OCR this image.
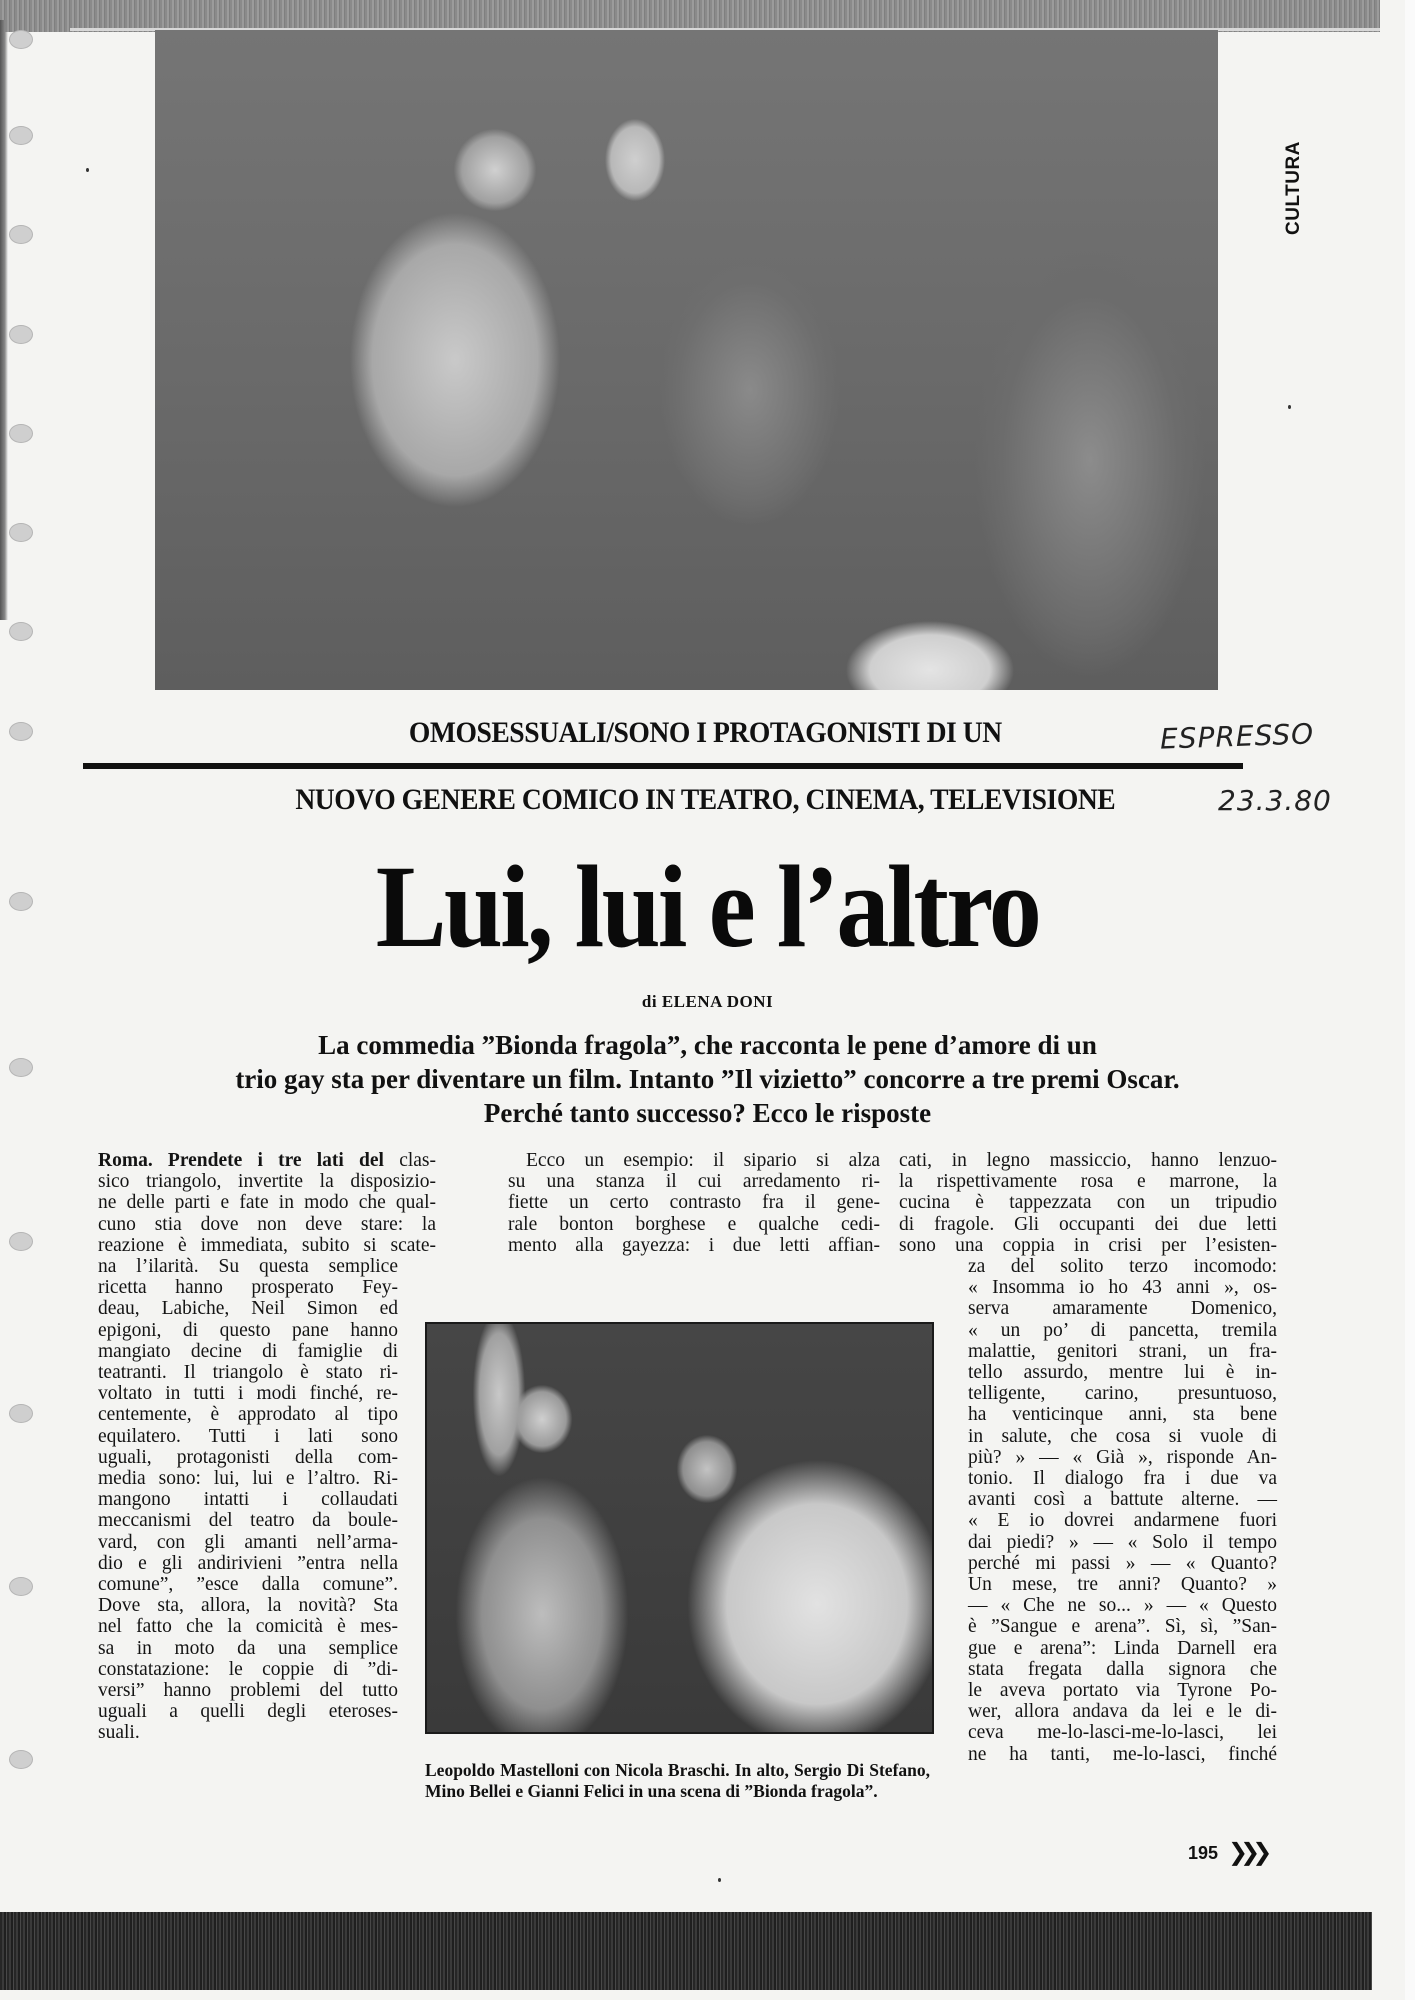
CULTURA
OMOSESSUALI/SONO I PROTAGONISTI DI UN	ESPRESSO
NUOVO GENERE COMICO IN TEATRO, CINEMA, TELEVISIONE	23.3.80
Lui, lui e l’altro
di ELENA DONI
La commedia ”Bionda fragola”, che racconta le pene d’amore di un
trio gay sta per diventare un film. Intanto ”Il vizietto” concorre a tre premi Oscar.
Perché tanto successo? Ecco le risposte
Roma. Prendete i tre lati del clas-
sico triangolo, invertite la disposizio-
ne delle parti e fate in modo che qual-
cuno stia dove non deve stare: la
reazione è immediata, subito si scate-
na l’ilarità. Su questa semplice
ricetta hanno prosperato Fey-
deau, Labiche, Neil Simon ed
epigoni, di questo pane hanno
mangiato decine di famiglie di
teatranti. Il triangolo è stato ri-
voltato in tutti i modi finché, re-
centemente, è approdato al tipo
equilatero. Tutti i lati sono
uguali, protagonisti della com-
media sono: lui, lui e l’altro. Ri-
mangono intatti i collaudati
meccanismi del teatro da boule-
vard, con gli amanti nell’arma-
dio e gli andirivieni ”entra nella
comune”, ”esce dalla comune”.
Dove sta, allora, la novità? Sta
nel fatto che la comicità è mes-
sa in moto da una semplice
constatazione: le coppie di ”di-
versi” hanno problemi del tutto
uguali a quelli degli eteroses-
suali.
Ecco un esempio: il sipario si alza
su una stanza il cui arredamento ri-
fiette un certo contrasto fra il gene-
rale bonton borghese e qualche cedi-
mento alla gayezza: i due letti affian-
cati, in legno massiccio, hanno lenzuo-
la rispettivamente rosa e marrone, la
cucina è tappezzata con un tripudio
di fragole. Gli occupanti dei due letti
sono una coppia in crisi per l’esisten-
za del solito terzo incomodo:
« Insomma io ho 43 anni », os-
serva amaramente Domenico,
« un po’ di pancetta, tremila
malattie, genitori strani, un fra-
tello assurdo, mentre lui è in-
telligente, carino, presuntuoso,
ha venticinque anni, sta bene
in salute, che cosa si vuole di
più? » — « Già », risponde An-
tonio. Il dialogo fra i due va
avanti così a battute alterne. —
« E io dovrei andarmene fuori
dai piedi? » — « Solo il tempo
perché mi passi » — « Quanto?
Un mese, tre anni? Quanto? »
— « Che ne so... » — « Questo
è ”Sangue e arena”. Sì, sì, ”San-
gue e arena”: Linda Darnell era
stata fregata dalla signora che
le aveva portato via Tyrone Po-
wer, allora andava da lei e le di-
ceva me-lo-lasci-me-lo-lasci, lei
ne ha tanti, me-lo-lasci, finché
Leopoldo Mastelloni con Nicola Braschi. In alto, Sergio Di Stefano, Mino Bellei e Gianni Felici in una scena di ”Bionda fragola”.
195 ❯❯❯
